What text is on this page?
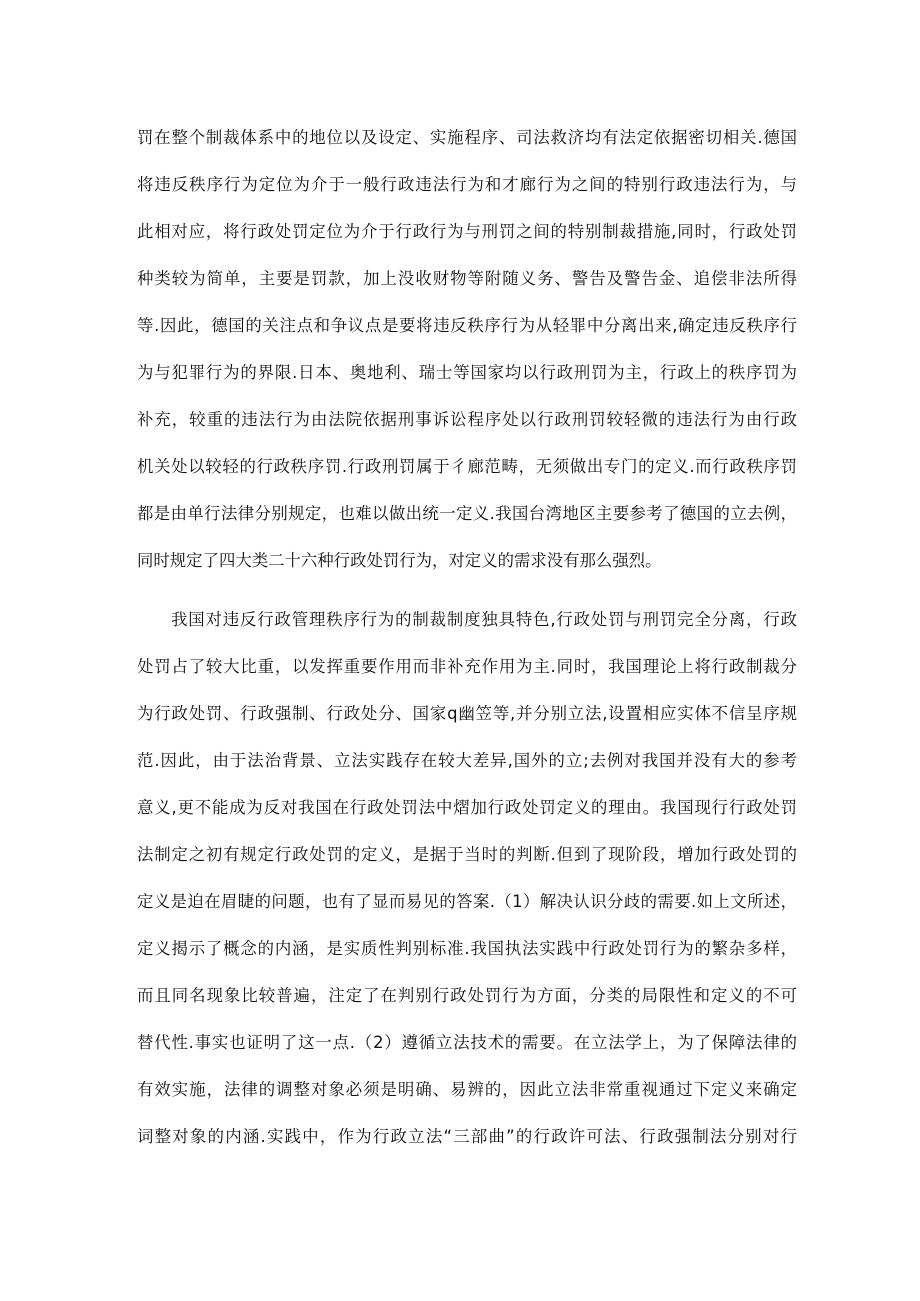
罚在整个制裁体系中的地位以及设定、实施程序、司法救济均有法定依据密切相关.德国
将违反秩序行为定位为介于一般行政违法行为和才廊行为之间的特别行政违法行为，与
此相对应，将行政处罚定位为介于行政行为与刑罚之间的特别制裁措施,同时，行政处罚
种类较为简单，主要是罚款，加上没收财物等附随义务、警告及警告金、追偿非法所得
等.因此，德国的关注点和争议点是要将违反秩序行为从轻罪中分离出来,确定违反秩序行
为与犯罪行为的界限.日本、奥地利、瑞士等国家均以行政刑罚为主，行政上的秩序罚为
补充，较重的违法行为由法院依据刑事诉讼程序处以行政刑罚较轻微的违法行为由行政
机关处以较轻的行政秩序罚.行政刑罚属于彳廊范畴，无须做出专门的定义.而行政秩序罚
都是由单行法律分别规定，也难以做出统一定义.我国台湾地区主要参考了德国的立去例，
同时规定了四大类二十六种行政处罚行为，对定义的需求没有那么强烈。
我国对违反行政管理秩序行为的制裁制度独具特色,行政处罚与刑罚完全分离，行政
处罚占了较大比重，以发挥重要作用而非补充作用为主.同时，我国理论上将行政制裁分
为行政处罚、行政强制、行政处分、国家q幽笠等,并分别立法,设置相应实体不信呈序规
范.因此，由于法治背景、立法实践存在较大差异,国外的立;去例对我国并没有大的参考
意义,更不能成为反对我国在行政处罚法中熠加行政处罚定义的理由。我国现行行政处罚
法制定之初有规定行政处罚的定义，是据于当时的判断.但到了现阶段，增加行政处罚的
定义是迫在眉睫的问题，也有了显而易见的答案.（1）解决认识分歧的需要.如上文所述，
定义揭示了概念的内涵，是实质性判别标准.我国执法实践中行政处罚行为的繁杂多样，
而且同名现象比较普遍，注定了在判别行政处罚行为方面，分类的局限性和定义的不可
替代性.事实也证明了这一点.（2）遵循立法技术的需要。在立法学上，为了保障法律的
有效实施，法律的调整对象必须是明确、易辨的，因此立法非常重视通过下定义来确定
词整对象的内涵.实践中，作为行政立法“三部曲”的行政许可法、行政强制法分别对行
